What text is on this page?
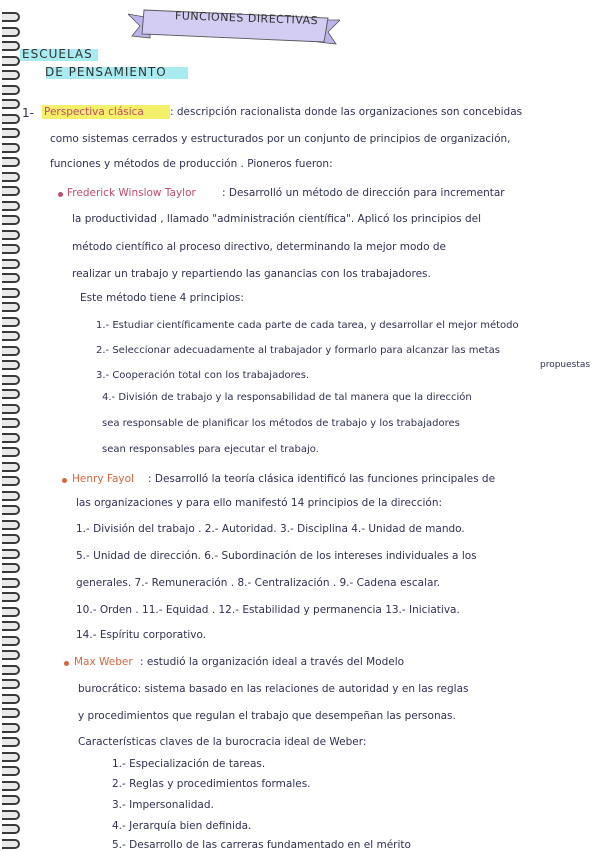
FUNCIONES DIRECTIVAS
ESCUELAS
DE PENSAMIENTO
1- Perspectiva clásica : descripción racionalista donde las organizaciones son concebidas
como sistemas cerrados y estructurados por un conjunto de principios de organización,
funciones y métodos de producción . Pioneros fueron:
Frederick Winslow Taylor : Desarrolló un método de dirección para incrementar
la productividad , llamado "administración científica". Aplicó los principios del
método científico al proceso directivo, determinando la mejor modo de
realizar un trabajo y repartiendo las ganancias con los trabajadores.
Este método tiene 4 principios:
1.- Estudiar científicamente cada parte de cada tarea, y desarrollar el mejor método
2.- Seleccionar adecuadamente al trabajador y formarlo para alcanzar las metas
propuestas
3.- Cooperación total con los trabajadores.
4.- División de trabajo y la responsabilidad de tal manera que la dirección
sea responsable de planificar los métodos de trabajo y los trabajadores
sean responsables para ejecutar el trabajo.
Henry Fayol : Desarrolló la teoría clásica identificó las funciones principales de
las organizaciones y para ello manifestó 14 principios de la dirección:
1.- División del trabajo . 2.- Autoridad. 3.- Disciplina 4.- Unidad de mando.
5.- Unidad de dirección. 6.- Subordinación de los intereses individuales a los
generales. 7.- Remuneración . 8.- Centralización . 9.- Cadena escalar.
10.- Orden . 11.- Equidad . 12.- Estabilidad y permanencia 13.- Iniciativa.
14.- Espíritu corporativo.
Max Weber : estudió la organización ideal a través del Modelo
burocrático: sistema basado en las relaciones de autoridad y en las reglas
y procedimientos que regulan el trabajo que desempeñan las personas.
Características claves de la burocracia ideal de Weber:
1.- Especialización de tareas.
2.- Reglas y procedimientos formales.
3.- Impersonalidad.
4.- Jerarquía bien definida.
5.- Desarrollo de las carreras fundamentado en el mérito
